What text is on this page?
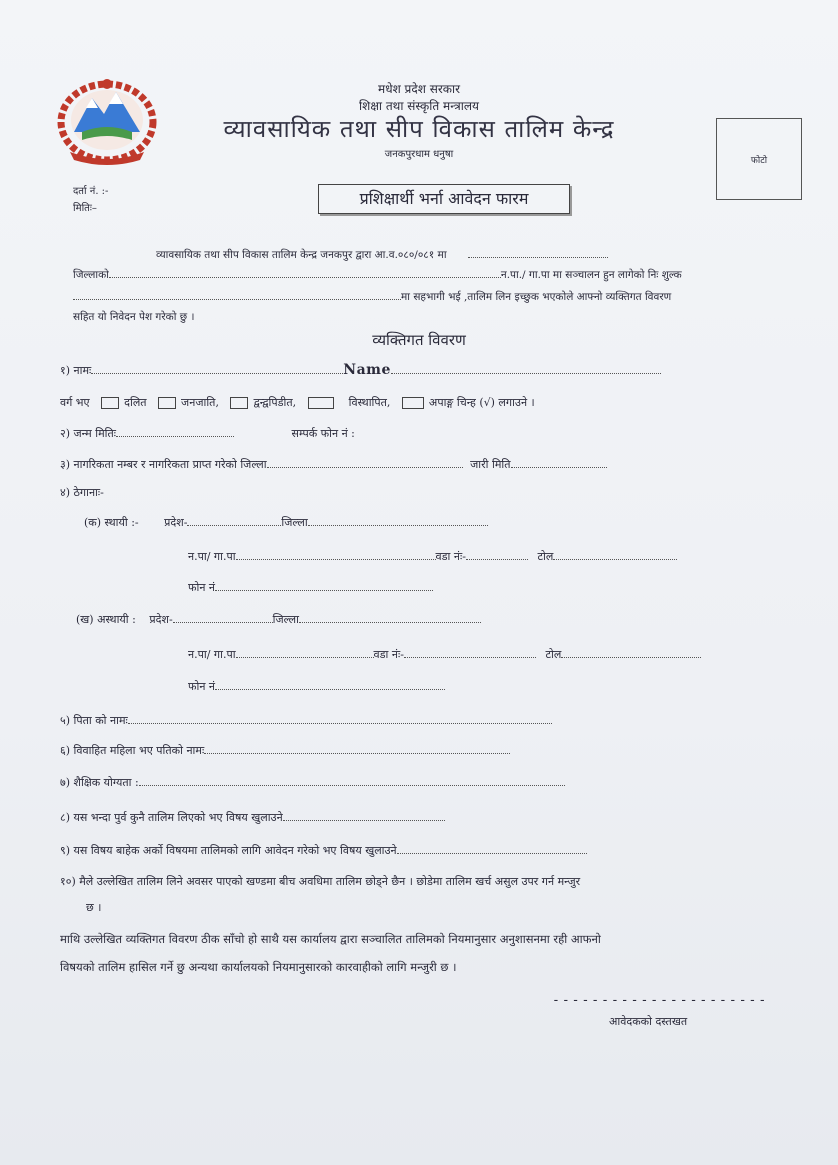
मधेश प्रदेश सरकार
शिक्षा तथा संस्कृति मन्त्रालय
व्यावसायिक तथा सीप विकास तालिम केन्द्र
जनकपुरधाम धनुषा
फोटो
दर्ता नं. :-
मितिः–
प्रशिक्षार्थी भर्ना आवेदन फारम
व्यावसायिक तथा सीप विकास तालिम केन्द्र जनकपुर द्वारा आ.व.०८०/०८१ मा
जिल्लाको	न.पा./ गा.पा मा सञ्चालन हुन लागेको निः शुल्क
मा सहभागी भई ,तालिम लिन इच्छुक भएकोले आफ्नो व्यक्तिगत विवरण
सहित यो निवेदन पेश गरेको छु ।
व्यक्तिगत विवरण
१) नामः	Name
वर्ग भए	दलित	जनजाति,	द्वन्द्वपिडीत,	विस्थापित,	अपाङ्ग चिन्ह (√) लगाउने ।
२) जन्म मितिः	सम्पर्क फोन नं :
३) नागरिकता नम्बर र नागरिकता प्राप्त गरेको जिल्ला	जारी मिति
४) ठेगानाः-
(क) स्थायी :- प्रदेश-	जिल्ला
न.पा/ गा.पा	वडा नंः-	टोल
फोन नं
(ख) अस्थायी : प्रदेश-	जिल्ला
न.पा/ गा.पा	वडा नंः-	टोल
फोन नं
५) पिता को नामः
६) विवाहित महिला भए पतिको नामः
७) शैक्षिक योग्यता :
८) यस भन्दा पुर्व कुनै तालिम लिएको भए विषय खुलाउने
९) यस विषय बाहेक अर्को विषयमा तालिमको लागि आवेदन गरेको भए विषय खुलाउने
१०) मैले उल्लेखित तालिम लिने अवसर पाएको खण्डमा बीच अवधिमा तालिम छोड्ने छैन । छोडेमा तालिम खर्च असुल उपर गर्न मन्जुर
छ ।
माथि उल्लेखित व्यक्तिगत विवरण ठीक साँचो हो साथै यस कार्यालय द्वारा सञ्चालित तालिमको नियमानुसार अनुशासनमा रही आफनो
विषयको तालिम हासिल गर्ने छु अन्यथा कार्यालयको नियमानुसारको कारवाहीको लागि मन्जुरी छ ।
----------------------
आवेदकको दस्तखत
